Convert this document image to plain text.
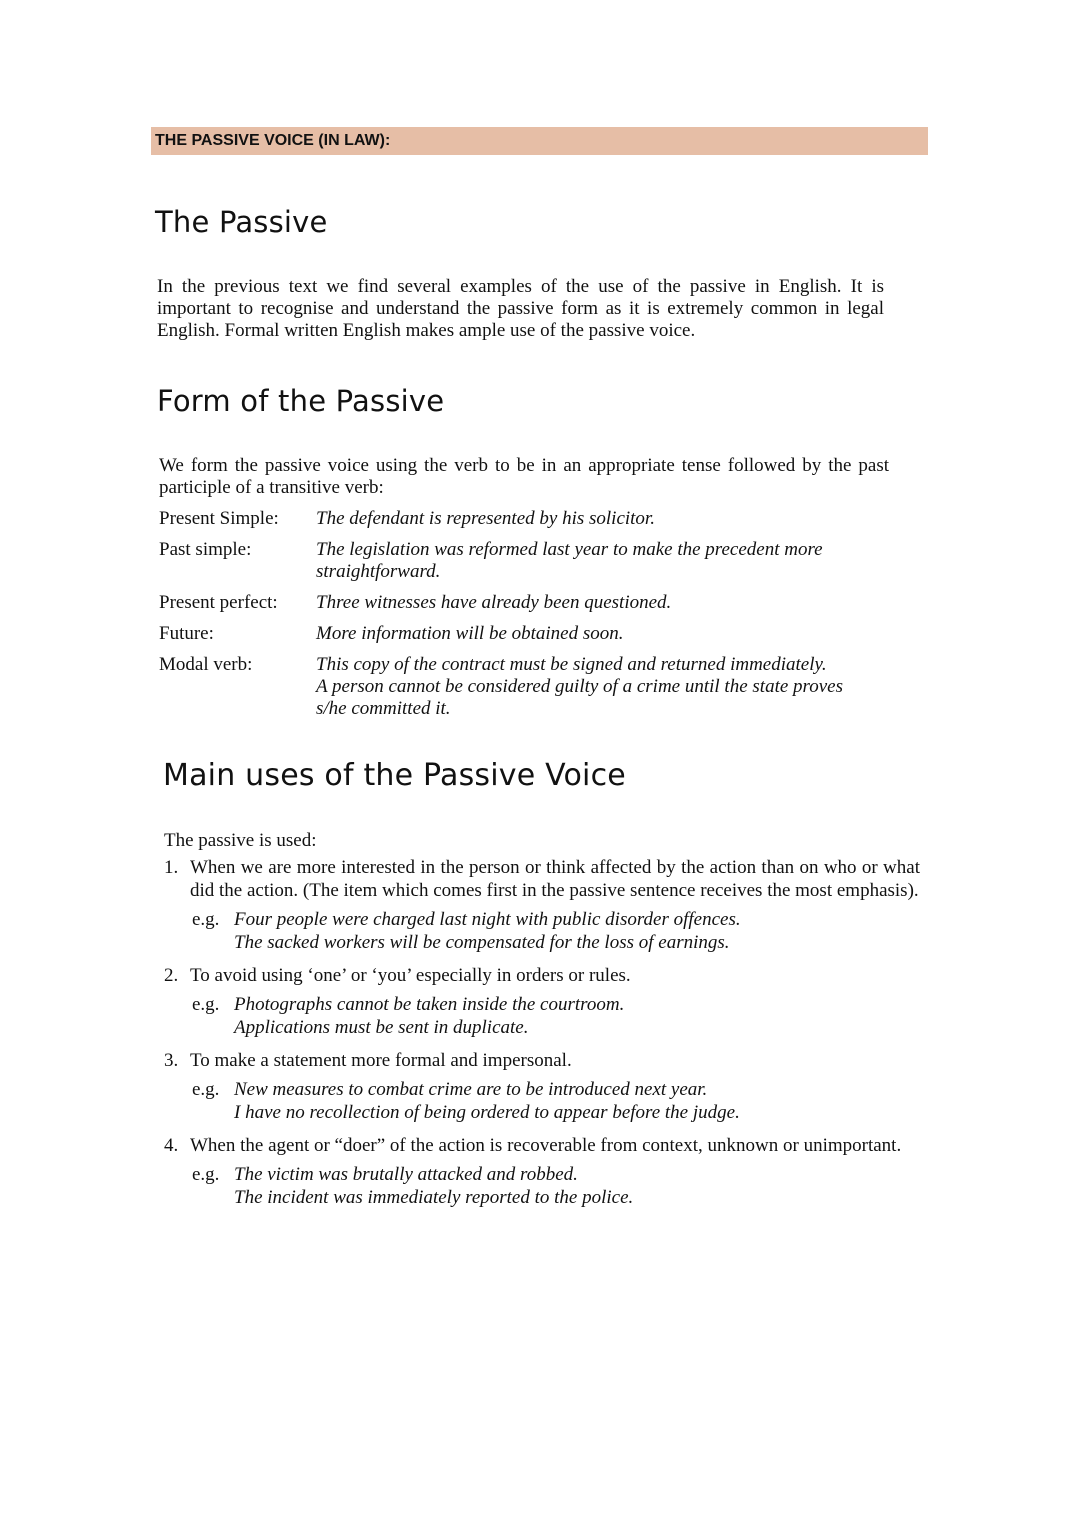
THE PASSIVE VOICE (IN LAW):
The Passive

In the previous text we find several examples of the use of the passive in English. It is important to recognise and understand the passive form as it is extremely common in legal English. Formal written English makes ample use of the passive voice.

Form of the Passive

We form the passive voice using the verb to be in an appropriate tense followed by the past participle of a transitive verb:

Present Simple:	The defendant is represented by his solicitor.
Past simple:	The legislation was reformed last year to make the precedent more
straightforward.
Present perfect:	Three witnesses have already been questioned.
Future:	More information will be obtained soon.
Modal verb:	This copy of the contract must be signed and returned immediately.
A person cannot be considered guilty of a crime until the state proves
s/he committed it.
Main uses of the Passive Voice

The passive is used:

1. When we are more interested in the person or think affected by the action than on who or what did the action. (The item which comes first in the passive sentence receives the most emphasis).
e.g. Four people were charged last night with public disorder offences.
The sacked workers will be compensated for the loss of earnings.
2. To avoid using ‘one’ or ‘you’ especially in orders or rules.
e.g. Photographs cannot be taken inside the courtroom.
Applications must be sent in duplicate.
3. To make a statement more formal and impersonal.
e.g. New measures to combat crime are to be introduced next year.
I have no recollection of being ordered to appear before the judge.
4. When the agent or “doer” of the action is recoverable from context, unknown or unimportant.
e.g. The victim was brutally attacked and robbed.
The incident was immediately reported to the police.
